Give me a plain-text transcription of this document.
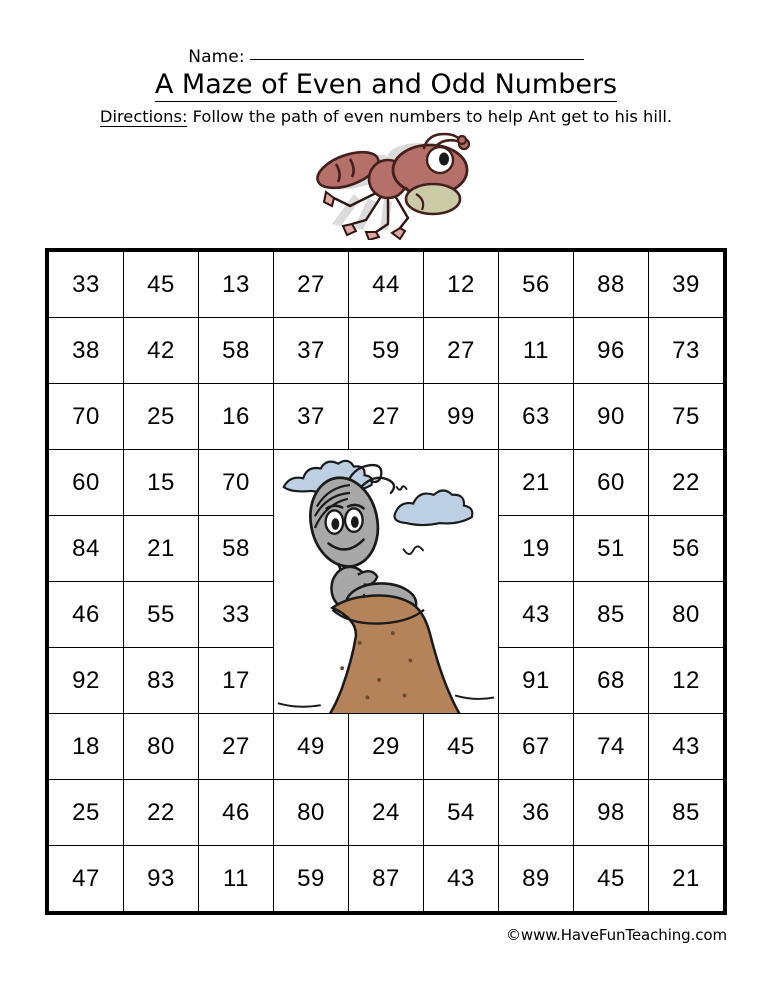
Name:
A Maze of Even and Odd Numbers
Directions: Follow the path of even numbers to help Ant get to his hill.
33	45	13	27	44	12	56	88	39
38	42	58	37	59	27	11	96	73
70	25	16	37	27	99	63	90	75
60	15	70				21	60	22
84	21	58				19	51	56
46	55	33				43	85	80
92	83	17				91	68	12
18	80	27	49	29	45	67	74	43
25	22	46	80	24	54	36	98	85
47	93	11	59	87	43	89	45	21
©www.HaveFunTeaching.com
